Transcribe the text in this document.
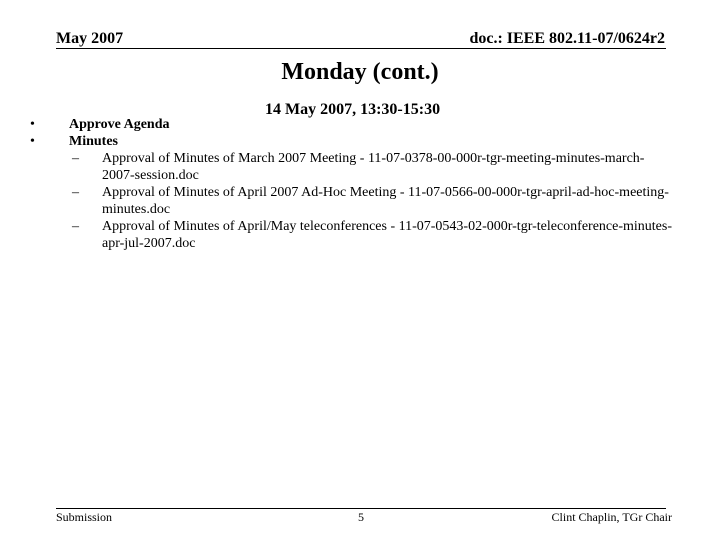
May 2007	doc.: IEEE 802.11-07/0624r2
Monday (cont.)
14 May 2007, 13:30-15:30
•	Approve Agenda
•	Minutes
– Approval of Minutes of March 2007 Meeting - 11-07-0378-00-000r-tgr-meeting-minutes-march-2007-session.doc
– Approval of Minutes of April 2007 Ad-Hoc Meeting - 11-07-0566-00-000r-tgr-april-ad-hoc-meeting-minutes.doc
– Approval of Minutes of April/May teleconferences - 11-07-0543-02-000r-tgr-teleconference-minutes-apr-jul-2007.doc
Submission	5	Clint Chaplin, TGr Chair
